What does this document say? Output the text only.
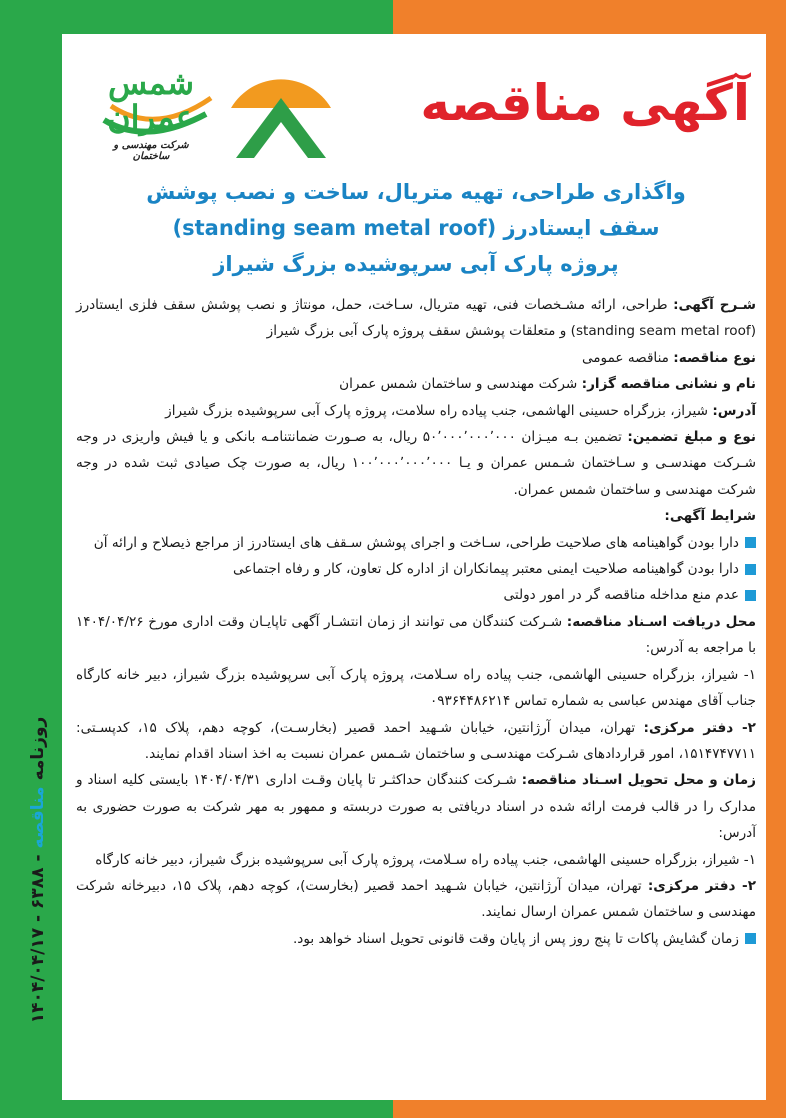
روزنامه
مناقصه
- ۶۳۸۸ - ۱۴۰۴/۰۴/۱۷
شمس عمران
شرکت مهندسی و ساختمان
آگهی مناقصه
واگذاری طراحی، تهیه متریال، ساخت و نصب پوشش
سقف ایستادرز (standing seam metal roof)
پروژه پارک آبی سرپوشیده بزرگ شیراز

شـرح آگهی: طراحی، ارائه مشـخصات فنی، تهیه متریال، سـاخت، حمل، مونتاژ و نصب پوشش سقف فلزی ایستادرز (standing seam metal roof) و متعلقات پوشش سقف پروژه پارک آبی بزرگ شیراز

نوع مناقصه: مناقصه عمومی

نام و نشانی مناقصه گزار: شرکت مهندسی و ساختمان شمس عمران

آدرس: شیراز، بزرگراه حسینی الهاشمی، جنب پیاده راه سلامت، پروژه پارک آبی سرپوشیده بزرگ شیراز

نوع و مبلغ تضمین: تضمین بـه میـزان ۵۰٬۰۰۰٬۰۰۰٬۰۰۰ ریال، به صـورت ضمانتنامـه بانکی و یا فیش واریزی در وجه شـرکت مهندسـی و سـاختمان شـمس عمران و یـا ۱۰۰٬۰۰۰٬۰۰۰٬۰۰۰ ریال، به صورت چک صیادی ثبت شده در وجه شرکت مهندسی و ساختمان شمس عمران.

شرایط آگهی:

دارا بودن گواهینامه های صلاحیت طراحی، سـاخت و اجرای پوشش سـقف های ایستادرز از مراجع ذیصلاح و ارائه آن

دارا بودن گواهینامه صلاحیت ایمنی معتبر پیمانکاران از اداره کل تعاون، کار و رفاه اجتماعی

عدم منع مداخله مناقصه گر در امور دولتی

محل دریافت اسـناد مناقصه: شـرکت کنندگان می توانند از زمان انتشـار آگهی تاپایـان وقت اداری مورخ ۱۴۰۴/۰۴/۲۶ با مراجعه به آدرس:

۱- شیراز، بزرگراه حسینی الهاشمی، جنب پیاده راه سـلامت، پروژه پارک آبی سرپوشیده بزرگ شیراز، دبیر خانه کارگاه جناب آقای مهندس عباسی به شماره تماس ۰۹۳۶۴۴۸۶۲۱۴

۲- دفتر مرکزی: تهران، میدان آرژانتین، خیابان شـهید احمد قصیر (بخارسـت)، کوچه دهم، پلاک ۱۵، کدپسـتی: ۱۵۱۴۷۴۷۷۱۱، امور قراردادهای شـرکت مهندسـی و ساختمان شـمس عمران نسبت به اخذ اسناد اقدام نمایند.

زمان و محل تحویل اسـناد مناقصه: شـرکت کنندگان حداکثـر تا پایان وقـت اداری ۱۴۰۴/۰۴/۳۱ بایستی کلیه اسناد و مدارک را در قالب فرمت ارائه شده در اسناد دریافتی به صورت دربسته و ممهور به مهر شرکت به صورت حضوری به آدرس:

۱- شیراز، بزرگراه حسینی الهاشمی، جنب پیاده راه سـلامت، پروژه پارک آبی سرپوشیده بزرگ شیراز، دبیر خانه کارگاه

۲- دفتر مرکزی: تهران، میدان آرژانتین، خیابان شـهید احمد قصیر (بخارست)، کوچه دهم، پلاک ۱۵، دبیرخانه شرکت مهندسی و ساختمان شمس عمران ارسال نمایند.

زمان گشایش پاکات تا پنج روز پس از پایان وقت قانونی تحویل اسناد خواهد بود.
